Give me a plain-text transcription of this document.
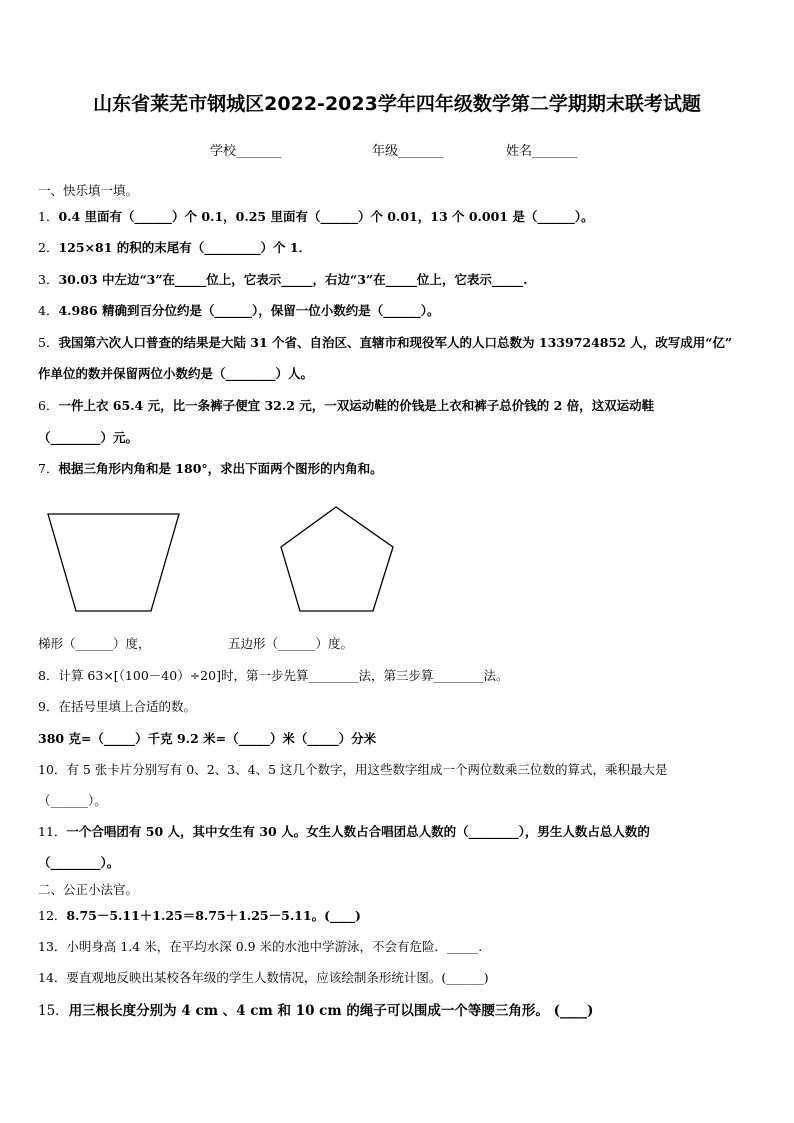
山东省莱芜市钢城区2022-2023学年四年级数学第二学期期末联考试题
学校_______	年级_______	姓名_______
一、快乐填一填。
1．0.4 里面有（______）个 0.1，0.25 里面有（______）个 0.01，13 个 0.001 是（______）。
2．125×81 的积的末尾有（_________）个 1．
3．30.03 中左边“3”在_____位上，它表示_____，右边“3”在_____位上，它表示_____.
4．4.986 精确到百分位约是（______），保留一位小数约是（______）。
5．我国第六次人口普查的结果是大陆 31 个省、自治区、直辖市和现役军人的人口总数为 1339724852 人，改写成用“亿”
作单位的数并保留两位小数约是（________）人。
6．一件上衣 65.4 元，比一条裤子便宜 32.2 元，一双运动鞋的价钱是上衣和裤子总价钱的 2 倍，这双运动鞋
（________）元。
7．根据三角形内角和是 180°，求出下面两个图形的内角和。
梯形（______）度，	五边形（______）度。
8．计算 63×[（100－40）÷20]时，第一步先算________法，第三步算________法。
9．在括号里填上合适的数。
380 克=（_____）千克 9.2 米=（_____）米（_____）分米
10．有 5 张卡片分别写有 0、2、3、4、5 这几个数字，用这些数字组成一个两位数乘三位数的算式，乘积最大是
（______）。
11．一个合唱团有 50 人，其中女生有 30 人。女生人数占合唱团总人数的（________），男生人数占总人数的
（________）。
二、公正小法官。
12．8.75－5.11＋1.25＝8.75＋1.25－5.11。(____)
13．小明身高 1.4 米，在平均水深 0.9 米的水池中学游泳，不会有危险．_____.
14．要直观地反映出某校各年级的学生人数情况，应该绘制条形统计图。(______)
15．用三根长度分别为 4 cm 、4 cm 和 10 cm 的绳子可以围成一个等腰三角形。 (____)
